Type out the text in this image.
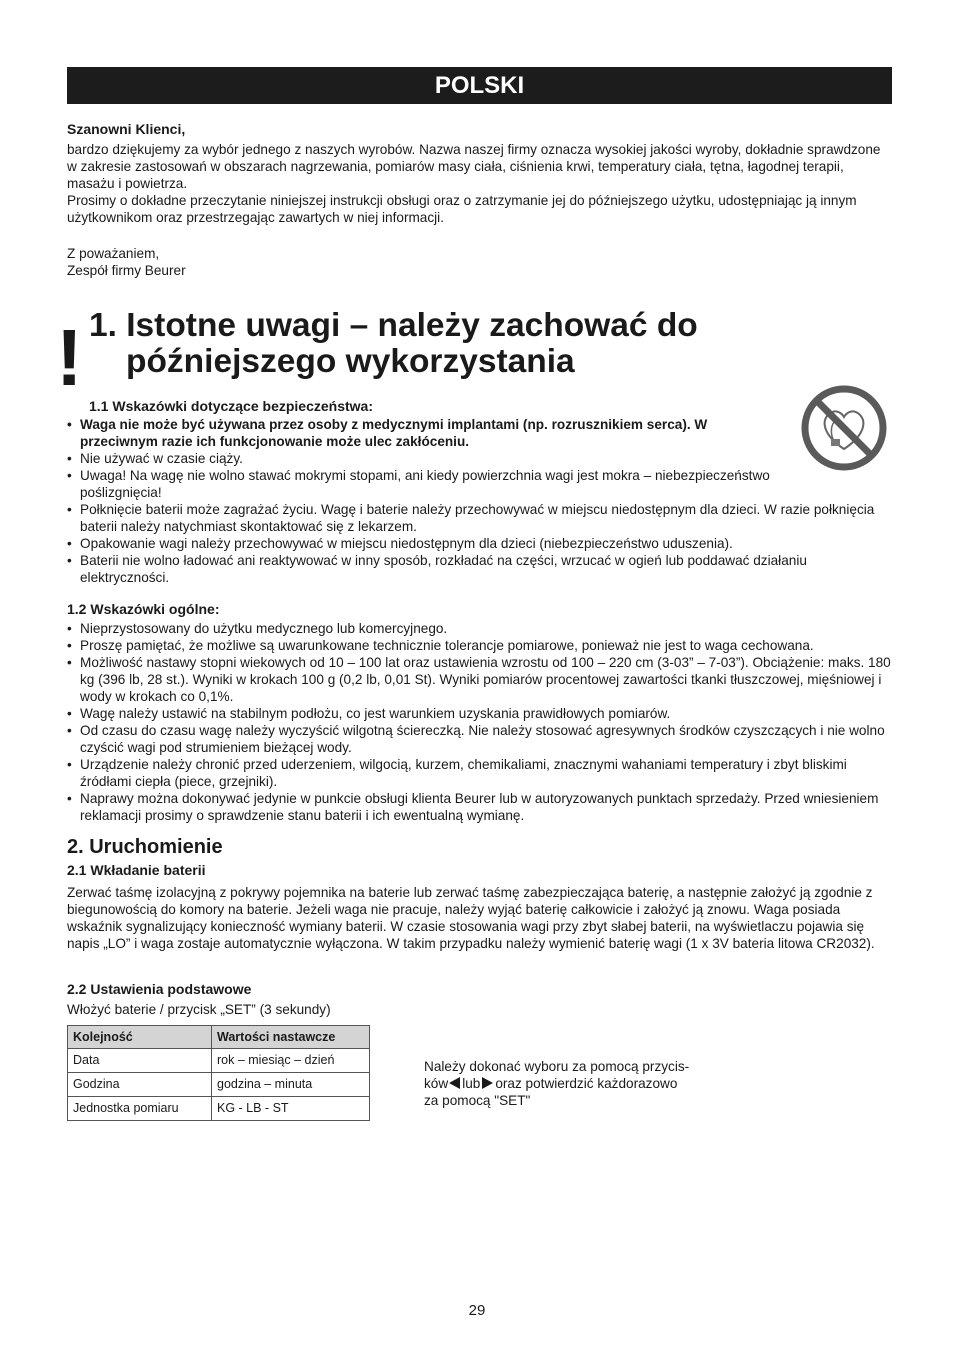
POLSKI
Szanowni Klienci,

bardzo dziękujemy za wybór jednego z naszych wyrobów. Nazwa naszej firmy oznacza wysokiej jakości wyroby, dokładnie sprawdzone w zakresie zastosowań w obszarach nagrzewania, pomiarów masy ciała, ciśnienia krwi, temperatury ciała, tętna, łagodnej terapii, masażu i powietrza.

Prosimy o dokładne przeczytanie niniejszej instrukcji obsługi oraz o zatrzymanie jej do późniejszego użytku, udostępniając ją innym użytkownikom oraz przestrzegając zawartych w niej informacji.

Z poważaniem,
Zespół firmy Beurer
! 1. Istotne uwagi – należy zachować do
późniejszego wykorzystania
1.1 Wskazówki dotyczące bezpieczeństwa:
• Waga nie może być używana przez osoby z medycznymi implantami (np. rozrusznikiem serca). W przeciwnym razie ich funkcjonowanie może ulec zakłóceniu.
• Nie używać w czasie ciąży.
• Uwaga! Na wagę nie wolno stawać mokrymi stopami, ani kiedy powierzchnia wagi jest mokra – niebezpieczeństwo poślizgnięcia!
• Połknięcie baterii może zagrażać życiu. Wagę i baterie należy przechowywać w miejscu niedostępnym dla dzieci. W razie połknięcia baterii należy natychmiast skontaktować się z lekarzem.
• Opakowanie wagi należy przechowywać w miejscu niedostępnym dla dzieci (niebezpieczeństwo uduszenia).
• Baterii nie wolno ładować ani reaktywować w inny sposób, rozkładać na części, wrzucać w ogień lub poddawać działaniu elektryczności.
1.2 Wskazówki ogólne:
• Nieprzystosowany do użytku medycznego lub komercyjnego.
• Proszę pamiętać, że możliwe są uwarunkowane technicznie tolerancje pomiarowe, ponieważ nie jest to waga cechowana.
• Możliwość nastawy stopni wiekowych od 10 – 100 lat oraz ustawienia wzrostu od 100 – 220 cm (3-03” – 7-03”). Obciążenie: maks. 180 kg (396 lb, 28 st.). Wyniki w krokach 100 g (0,2 lb, 0,01 St). Wyniki pomiarów procentowej zawartości tkanki tłuszczowej, mięśniowej i wody w krokach co 0,1%.
• Wagę należy ustawić na stabilnym podłożu, co jest warunkiem uzyskania prawidłowych pomiarów.
• Od czasu do czasu wagę należy wyczyścić wilgotną ściereczką. Nie należy stosować agresywnych środków czyszczących i nie wolno czyścić wagi pod strumieniem bieżącej wody.
• Urządzenie należy chronić przed uderzeniem, wilgocią, kurzem, chemikaliami, znacznymi wahaniami temperatury i zbyt bliskimi źródłami ciepła (piece, grzejniki).
• Naprawy można dokonywać jedynie w punkcie obsługi klienta Beurer lub w autoryzowanych punktach sprzedaży. Przed wniesieniem reklamacji prosimy o sprawdzenie stanu baterii i ich ewentualną wymianę.
2. Uruchomienie
2.1 Wkładanie baterii
Zerwać taśmę izolacyjną z pokrywy pojemnika na baterie lub zerwać taśmę zabezpieczająca baterię, a następnie założyć ją zgodnie z biegunowością do komory na baterie. Jeżeli waga nie pracuje, należy wyjąć baterię całkowicie i założyć ją znowu. Waga posiada wskaźnik sygnalizujący konieczność wymiany baterii. W czasie stosowania wagi przy zbyt słabej baterii, na wyświetlaczu pojawia się napis „LO” i waga zostaje automatycznie wyłączona. W takim przypadku należy wymienić baterię wagi (1 x 3V bateria litowa CR2032).
2.2 Ustawienia podstawowe
Włożyć baterie / przycisk „SET” (3 sekundy)
Kolejność	Wartości nastawcze
Data	rok – miesiąc – dzień
Godzina	godzina – minuta
Jednostka pomiaru	KG - LB - ST
Należy dokonać wyboru za pomocą przycis-
ków lub oraz potwierdzić każdorazowo
za pomocą "SET"
29
